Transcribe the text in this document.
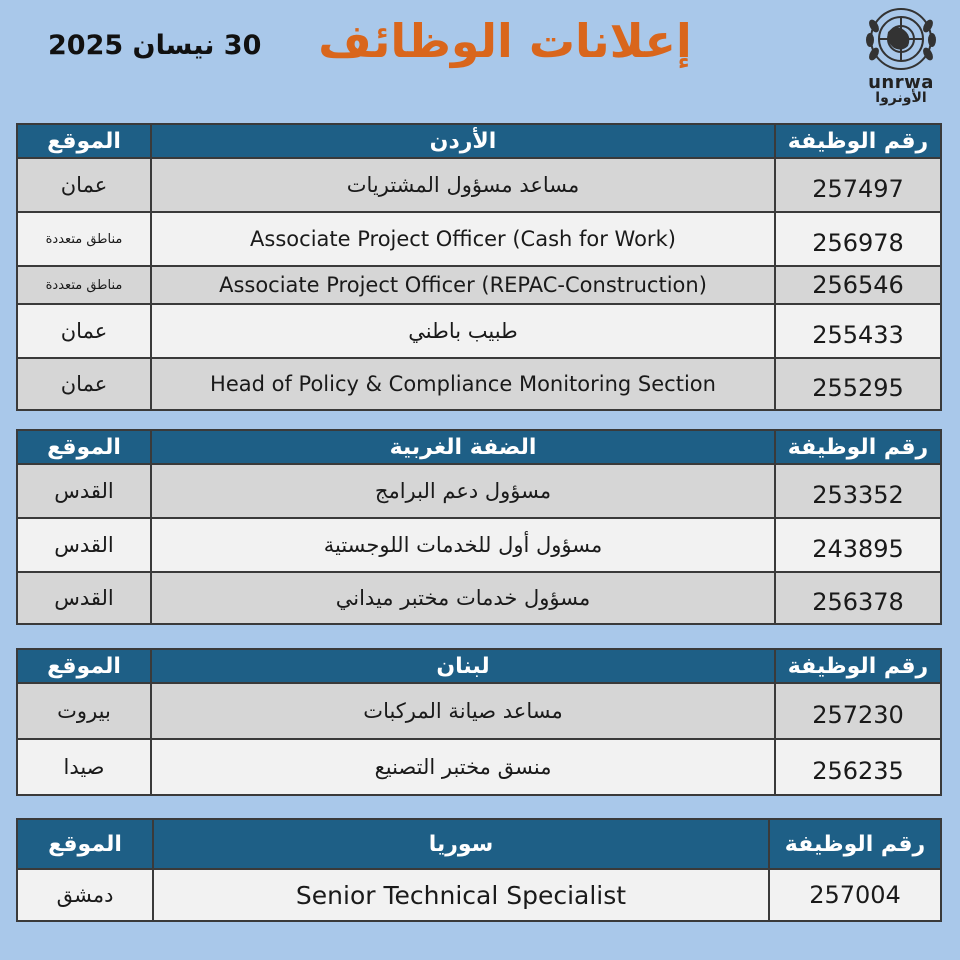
30 نيسان 2025	إعلانات الوظائف
unrwa
الأونروا
الموقع	الأردن	رقم الوظيفة
عمان	مساعد مسؤول المشتريات	257497
مناطق متعددة	Associate Project Officer (Cash for Work)	256978
مناطق متعددة	Associate Project Officer (REPAC-Construction)	256546
عمان	طبيب باطني	255433
عمان	Head of Policy & Compliance Monitoring Section	255295
الموقع	الضفة الغربية	رقم الوظيفة
القدس	مسؤول دعم البرامج	253352
القدس	مسؤول أول للخدمات اللوجستية	243895
القدس	مسؤول خدمات مختبر ميداني	256378
الموقع	لبنان	رقم الوظيفة
بيروت	مساعد صيانة المركبات	257230
صيدا	منسق مختبر التصنيع	256235
الموقع	سوريا	رقم الوظيفة
دمشق	Senior Technical Specialist	257004
